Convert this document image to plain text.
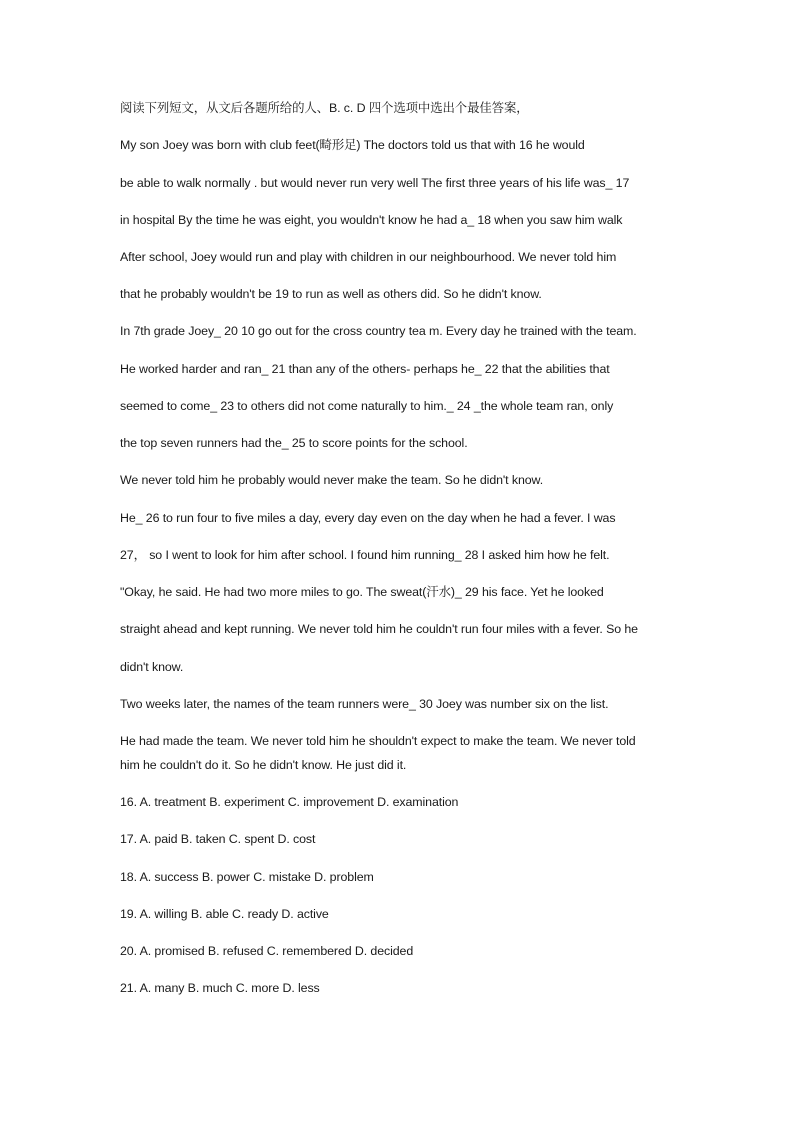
阅读下列短文，从文后各题所给的人、B. c. D 四个选项中选出个最佳答案，
My son Joey was born with club feet(畸形足) The doctors told us that with 16 he would
be able to walk normally . but would never run very well The first three years of his life was_ 17
in hospital By the time he was eight, you wouldn't know he had a_ 18 when you saw him walk
After school, Joey would run and play with children in our neighbourhood. We never told him
that he probably wouldn't be 19 to run as well as others did. So he didn't know.
In 7th grade Joey_ 20 10 go out for the cross country tea m. Every day he trained with the team.
He worked harder and ran_ 21 than any of the others- perhaps he_ 22 that the abilities that
seemed to come_ 23 to others did not come naturally to him._ 24 _the whole team ran, only
the top seven runners had the_ 25 to score points for the school.
We never told him he probably would never make the team. So he didn't know.
He_ 26 to run four to five miles a day, every day even on the day when he had a fever. I was
27， so I went to look for him after school. I found him running_ 28 I asked him how he felt.
"Okay, he said. He had two more miles to go. The sweat(汗水)_ 29 his face. Yet he looked
straight ahead and kept running. We never told him he couldn't run four miles with a fever. So he
didn't know.
Two weeks later, the names of the team runners were_ 30 Joey was number six on the list.
He had made the team. We never told him he shouldn't expect to make the team. We never told
him he couldn't do it. So he didn't know. He just did it.
16. A. treatment B. experiment C. improvement D. examination
17. A. paid B. taken C. spent D. cost
18. A. success B. power C. mistake D. problem
19. A. willing B. able C. ready D. active
20. A. promised B. refused C. remembered D. decided
21. A. many B. much C. more D. less
